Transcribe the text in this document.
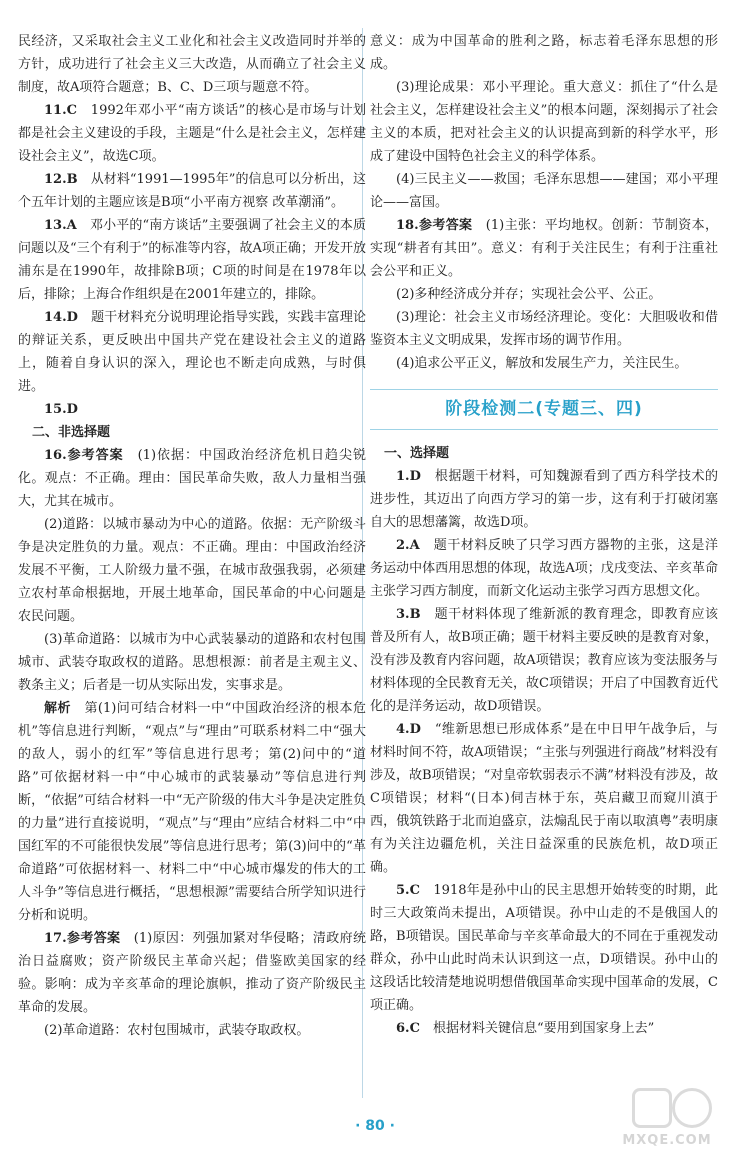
民经济，又采取社会主义工业化和社会主义改造同时并举的方针，成功进行了社会主义三大改造，从而确立了社会主义制度，故A项符合题意；B、C、D三项与题意不符。

11.C　 1992年邓小平“南方谈话”的核心是市场与计划都是社会主义建设的手段，主题是“什么是社会主义，怎样建设社会主义”，故选C项。

12.B　 从材料“1991—1995年”的信息可以分析出，这个五年计划的主题应该是B项“小平南方视察 改革潮涌”。

13.A　 邓小平的“南方谈话”主要强调了社会主义的本质问题以及“三个有利于”的标准等内容，故A项正确；开发开放浦东是在1990年，故排除B项；C项的时间是在1978年以后，排除；上海合作组织是在2001年建立的，排除。

14.D　 题干材料充分说明理论指导实践，实践丰富理论的辩证关系，更反映出中国共产党在建设社会主义的道路上，随着自身认识的深入，理论也不断走向成熟，与时俱进。

15.D　

二、非选择题

16.参考答案　 (1)依据：中国政治经济危机日趋尖锐化。观点：不正确。理由：国民革命失败，敌人力量相当强大，尤其在城市。

(2)道路：以城市暴动为中心的道路。依据：无产阶级斗争是决定胜负的力量。观点：不正确。理由：中国政治经济发展不平衡，工人阶级力量不强，在城市敌强我弱，必须建立农村革命根据地，开展土地革命，国民革命的中心问题是农民问题。

(3)革命道路：以城市为中心武装暴动的道路和农村包围城市、武装夺取政权的道路。思想根源：前者是主观主义、教条主义；后者是一切从实际出发，实事求是。

解析　 第(1)问可结合材料一中“中国政治经济的根本危机”等信息进行判断，“观点”与“理由”可联系材料二中“强大的敌人，弱小的红军”等信息进行思考；第(2)问中的“道路”可依据材料一中“中心城市的武装暴动”等信息进行判断，“依据”可结合材料一中“无产阶级的伟大斗争是决定胜负的力量”进行直接说明，“观点”与“理由”应结合材料二中“中国红军的不可能很快发展”等信息进行思考；第(3)问中的“革命道路”可依据材料一、材料二中“中心城市爆发的伟大的工人斗争”等信息进行概括，“思想根源”需要结合所学知识进行分析和说明。

17.参考答案　 (1)原因：列强加紧对华侵略；清政府统治日益腐败；资产阶级民主革命兴起；借鉴欧美国家的经验。影响：成为辛亥革命的理论旗帜，推动了资产阶级民主革命的发展。

(2)革命道路：农村包围城市，武装夺取政权。

意义：成为中国革命的胜利之路，标志着毛泽东思想的形成。

(3)理论成果：邓小平理论。重大意义：抓住了“什么是社会主义，怎样建设社会主义”的根本问题，深刻揭示了社会主义的本质，把对社会主义的认识提高到新的科学水平，形成了建设中国特色社会主义的科学体系。

(4)三民主义——救国；毛泽东思想——建国；邓小平理论——富国。

18.参考答案　 (1)主张：平均地权。创新：节制资本，实现“耕者有其田”。意义：有利于关注民生；有利于注重社会公平和正义。

(2)多种经济成分并存；实现社会公平、公正。

(3)理论：社会主义市场经济理论。变化：大胆吸收和借鉴资本主义文明成果，发挥市场的调节作用。

(4)追求公平正义，解放和发展生产力，关注民生。

阶段检测二(专题三、四)

一、选择题

1.D　 根据题干材料，可知魏源看到了西方科学技术的进步性，其迈出了向西方学习的第一步，这有利于打破闭塞自大的思想藩篱，故选D项。

2.A　 题干材料反映了只学习西方器物的主张，这是洋务运动中体西用思想的体现，故选A项；戊戌变法、辛亥革命主张学习西方制度，而新文化运动主张学习西方思想文化。

3.B　 题干材料体现了维新派的教育理念，即教育应该普及所有人，故B项正确；题干材料主要反映的是教育对象，没有涉及教育内容问题，故A项错误；教育应该为变法服务与材料体现的全民教育无关，故C项错误；开启了中国教育近代化的是洋务运动，故D项错误。

4.D　 “维新思想已形成体系”是在中日甲午战争后，与材料时间不符，故A项错误；“主张与列强进行商战”材料没有涉及，故B项错误；“对皇帝软弱表示不满”材料没有涉及，故C项错误；材料“(日本)伺吉林于东，英启藏卫而窥川滇于西，俄筑铁路于北而迫盛京，法煽乱民于南以取滇粤”表明康有为关注边疆危机，关注日益深重的民族危机，故D项正确。

5.C　 1918年是孙中山的民主思想开始转变的时期，此时三大政策尚未提出，A项错误。孙中山走的不是俄国人的路，B项错误。国民革命与辛亥革命最大的不同在于重视发动群众，孙中山此时尚未认识到这一点，D项错误。孙中山的这段话比较清楚地说明想借俄国革命实现中国革命的发展，C项正确。

6.C　 根据材料关键信息“要用到国家身上去”

· 80 ·
MXQE.COM
